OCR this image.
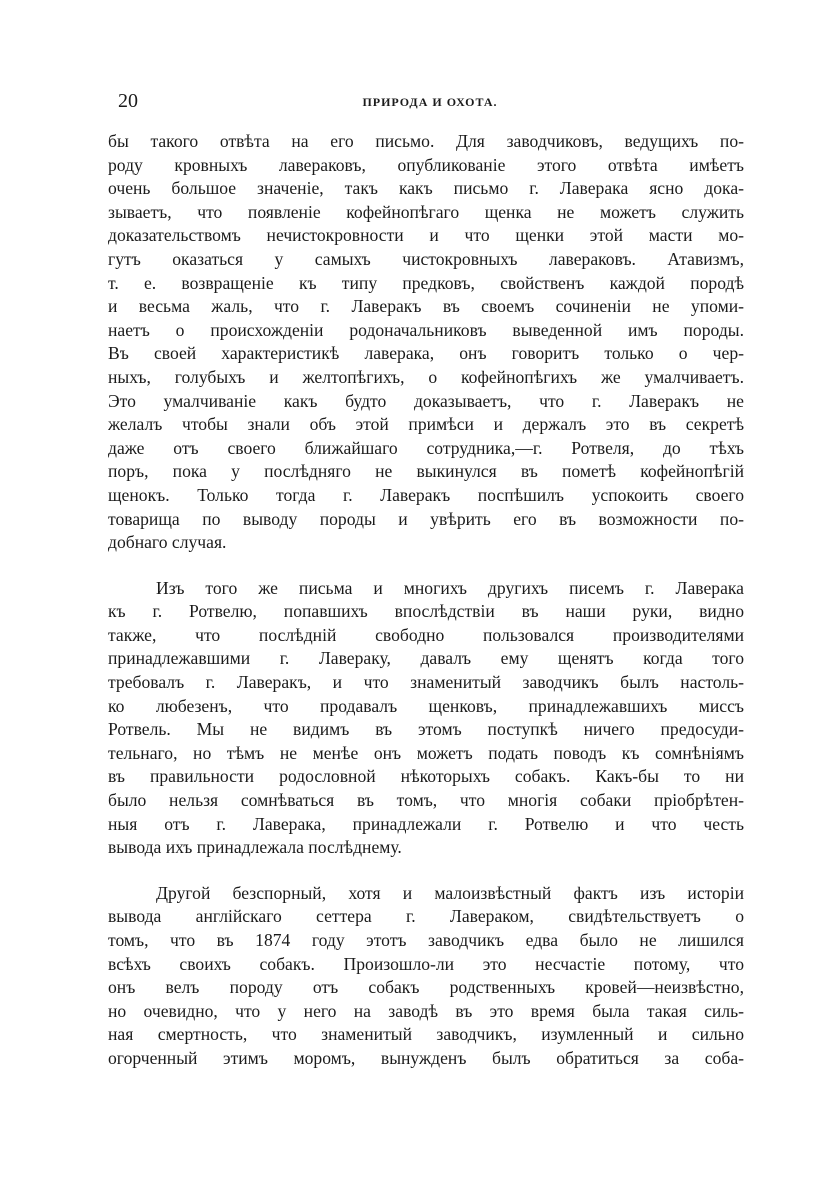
20	ПРИРОДА И ОХОТА.
бы такого отвѣта на его письмо. Для заводчиковъ, ведущихъ по-
роду кровныхъ лавераковъ, опубликованіе этого отвѣта имѣетъ
очень большое значеніе, такъ какъ письмо г. Лаверака ясно дока-
зываетъ, что появленіе кофейнопѣгаго щенка не можетъ служить
доказательствомъ нечистокровности и что щенки этой масти мо-
гутъ оказаться у самыхъ чистокровныхъ лавераковъ. Атавизмъ,
т. е. возвращеніе къ типу предковъ, свойственъ каждой породѣ
и весьма жаль, что г. Лаверакъ въ своемъ сочиненіи не упоми-
наетъ о происхожденіи родоначальниковъ выведенной имъ породы.
Въ своей характеристикѣ лаверака, онъ говоритъ только о чер-
ныхъ, голубыхъ и желтопѣгихъ, о кофейнопѣгихъ же умалчиваетъ.
Это умалчиваніе какъ будто доказываетъ, что г. Лаверакъ не
желалъ чтобы знали объ этой примѣси и держалъ это въ секретѣ
даже отъ своего ближайшаго сотрудника,—г. Ротвеля, до тѣхъ
поръ, пока у послѣдняго не выкинулся въ пометѣ кофейнопѣгій
щенокъ. Только тогда г. Лаверакъ поспѣшилъ успокоить своего
товарища по выводу породы и увѣрить его въ возможности по-
добнаго случая.
Изъ того же письма и многихъ другихъ писемъ г. Лаверака
къ г. Ротвелю, попавшихъ впослѣдствіи въ наши руки, видно
также, что послѣдній свободно пользовался производителями
принадлежавшими г. Лавераку, давалъ ему щенятъ когда того
требовалъ г. Лаверакъ, и что знаменитый заводчикъ былъ настоль-
ко любезенъ, что продавалъ щенковъ, принадлежавшихъ миссъ
Ротвель. Мы не видимъ въ этомъ поступкѣ ничего предосуди-
тельнаго, но тѣмъ не менѣе онъ можетъ подать поводъ къ сомнѣніямъ
въ правильности родословной нѣкоторыхъ собакъ. Какъ-бы то ни
было нельзя сомнѣваться въ томъ, что многія собаки пріобрѣтен-
ныя отъ г. Лаверака, принадлежали г. Ротвелю и что честь
вывода ихъ принадлежала послѣднему.
Другой безспорный, хотя и малоизвѣстный фактъ изъ исторіи
вывода англійскаго сеттера г. Лавераком, свидѣтельствуетъ о
томъ, что въ 1874 году этотъ заводчикъ едва было не лишился
всѣхъ своихъ собакъ. Произошло-ли это несчастіе потому, что
онъ велъ породу отъ собакъ родственныхъ кровей—неизвѣстно,
но очевидно, что у него на заводѣ въ это время была такая силь-
ная смертность, что знаменитый заводчикъ, изумленный и сильно
огорченный этимъ моромъ, вынужденъ былъ обратиться за соба-
